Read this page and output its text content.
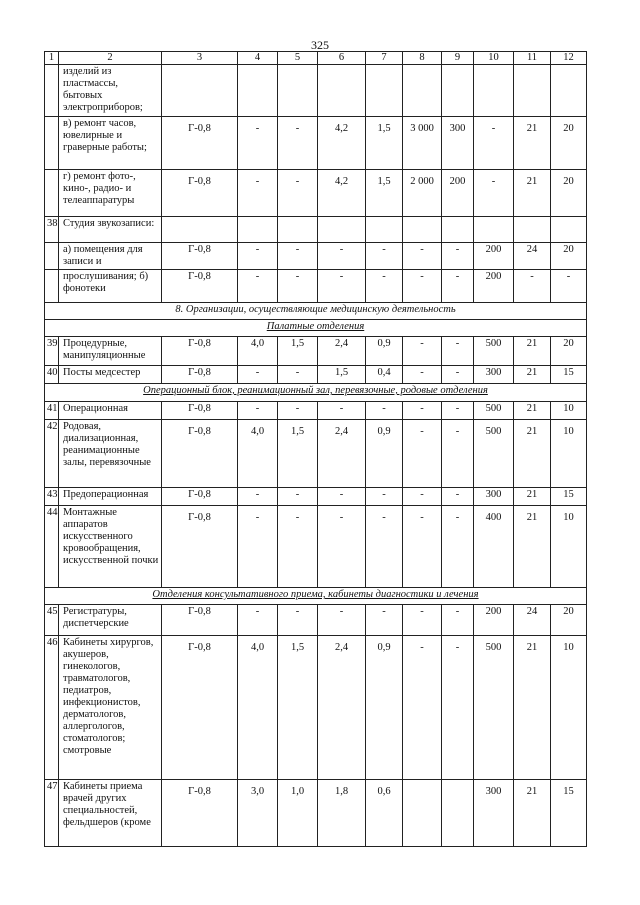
325
1	2	3	4	5	6	7	8	9	10	11	12
	изделий из пластмассы, бытовых электроприборов;										
	в) ремонт часов, ювелирные и граверные работы;	Г-0,8	-	-	4,2	1,5	3 000	300	-	21	20
	г) ремонт фото-, кино-, радио- и телеаппаратуры	Г-0,8	-	-	4,2	1,5	2 000	200	-	21	20
38	Студия звукозаписи:										
	а) помещения для записи и	Г-0,8	-	-	-	-	-	-	200	24	20
	прослушивания; б) фонотеки	Г-0,8	-	-	-	-	-	-	200	-	-
8. Организации, осуществляющие медицинскую деятельность											
Палатные отделения											
39	Процедурные, манипуляционные	Г-0,8	4,0	1,5	2,4	0,9	-	-	500	21	20
40	Посты медсестер	Г-0,8	-	-	1,5	0,4	-	-	300	21	15
Операционный блок, реанимационный зал, перевязочные, родовые отделения											
41	Операционная	Г-0,8	-	-	-	-	-	-	500	21	10
42	Родовая, диализационная, реанимационные залы, перевязочные	Г-0,8	4,0	1,5	2,4	0,9	-	-	500	21	10
43	Предоперационная	Г-0,8	-	-	-	-	-	-	300	21	15
44	Монтажные аппаратов искусственного кровообращения, искусственной почки	Г-0,8	-	-	-	-	-	-	400	21	10
Отделения консультативного приема, кабинеты диагностики и лечения											
45	Регистратуры, диспетчерские	Г-0,8	-	-	-	-	-	-	200	24	20
46	Кабинеты хирургов, акушеров, гинекологов, травматологов, педиатров, инфекционистов, дерматологов, аллергологов, стоматологов; смотровые	Г-0,8	4,0	1,5	2,4	0,9	-	-	500	21	10
47	Кабинеты приема врачей других специальностей, фельдшеров (кроме	Г-0,8	3,0	1,0	1,8	0,6			300	21	15
